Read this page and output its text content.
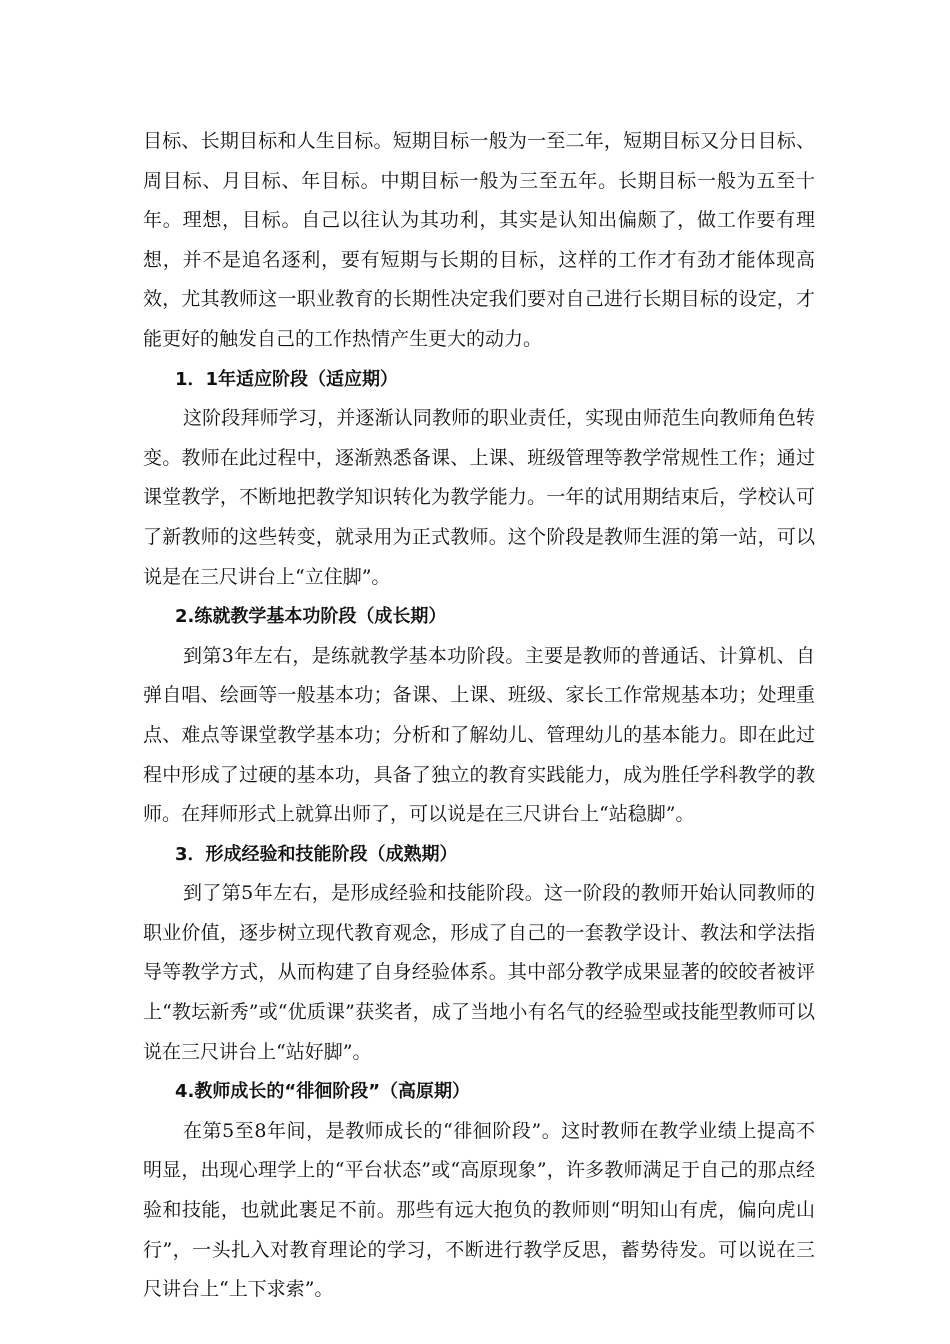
目标、长期目标和人生目标。短期目标一般为一至二年，短期目标又分日目标、周目标、月目标、年目标。中期目标一般为三至五年。长期目标一般为五至十年。理想，目标。自己以往认为其功利，其实是认知出偏颇了，做工作要有理想，并不是追名逐利，要有短期与长期的目标，这样的工作才有劲才能体现高效，尤其教师这一职业教育的长期性决定我们要对自己进行长期目标的设定，才能更好的触发自己的工作热情产生更大的动力。

1．1年适应阶段（适应期）

这阶段拜师学习，并逐渐认同教师的职业责任，实现由师范生向教师角色转变。教师在此过程中，逐渐熟悉备课、上课、班级管理等教学常规性工作；通过课堂教学，不断地把教学知识转化为教学能力。一年的试用期结束后，学校认可了新教师的这些转变，就录用为正式教师。这个阶段是教师生涯的第一站，可以说是在三尺讲台上“立住脚”。

2.练就教学基本功阶段（成长期）

到第3年左右，是练就教学基本功阶段。主要是教师的普通话、计算机、自弹自唱、绘画等一般基本功；备课、上课、班级、家长工作常规基本功；处理重点、难点等课堂教学基本功；分析和了解幼儿、管理幼儿的基本能力。即在此过程中形成了过硬的基本功，具备了独立的教育实践能力，成为胜任学科教学的教师。在拜师形式上就算出师了，可以说是在三尺讲台上“站稳脚”。

3．形成经验和技能阶段（成熟期）

到了第5年左右，是形成经验和技能阶段。这一阶段的教师开始认同教师的职业价值，逐步树立现代教育观念，形成了自己的一套教学设计、教法和学法指导等教学方式，从而构建了自身经验体系。其中部分教学成果显著的皎皎者被评上“教坛新秀”或“优质课”获奖者，成了当地小有名气的经验型或技能型教师可以说在三尺讲台上“站好脚”。

4.教师成长的“徘徊阶段”（高原期）

在第5至8年间，是教师成长的“徘徊阶段”。这时教师在教学业绩上提高不明显，出现心理学上的“平台状态”或“高原现象”，许多教师满足于自己的那点经验和技能，也就此裹足不前。那些有远大抱负的教师则“明知山有虎，偏向虎山行”，一头扎入对教育理论的学习，不断进行教学反思，蓄势待发。可以说在三尺讲台上“上下求索”。
